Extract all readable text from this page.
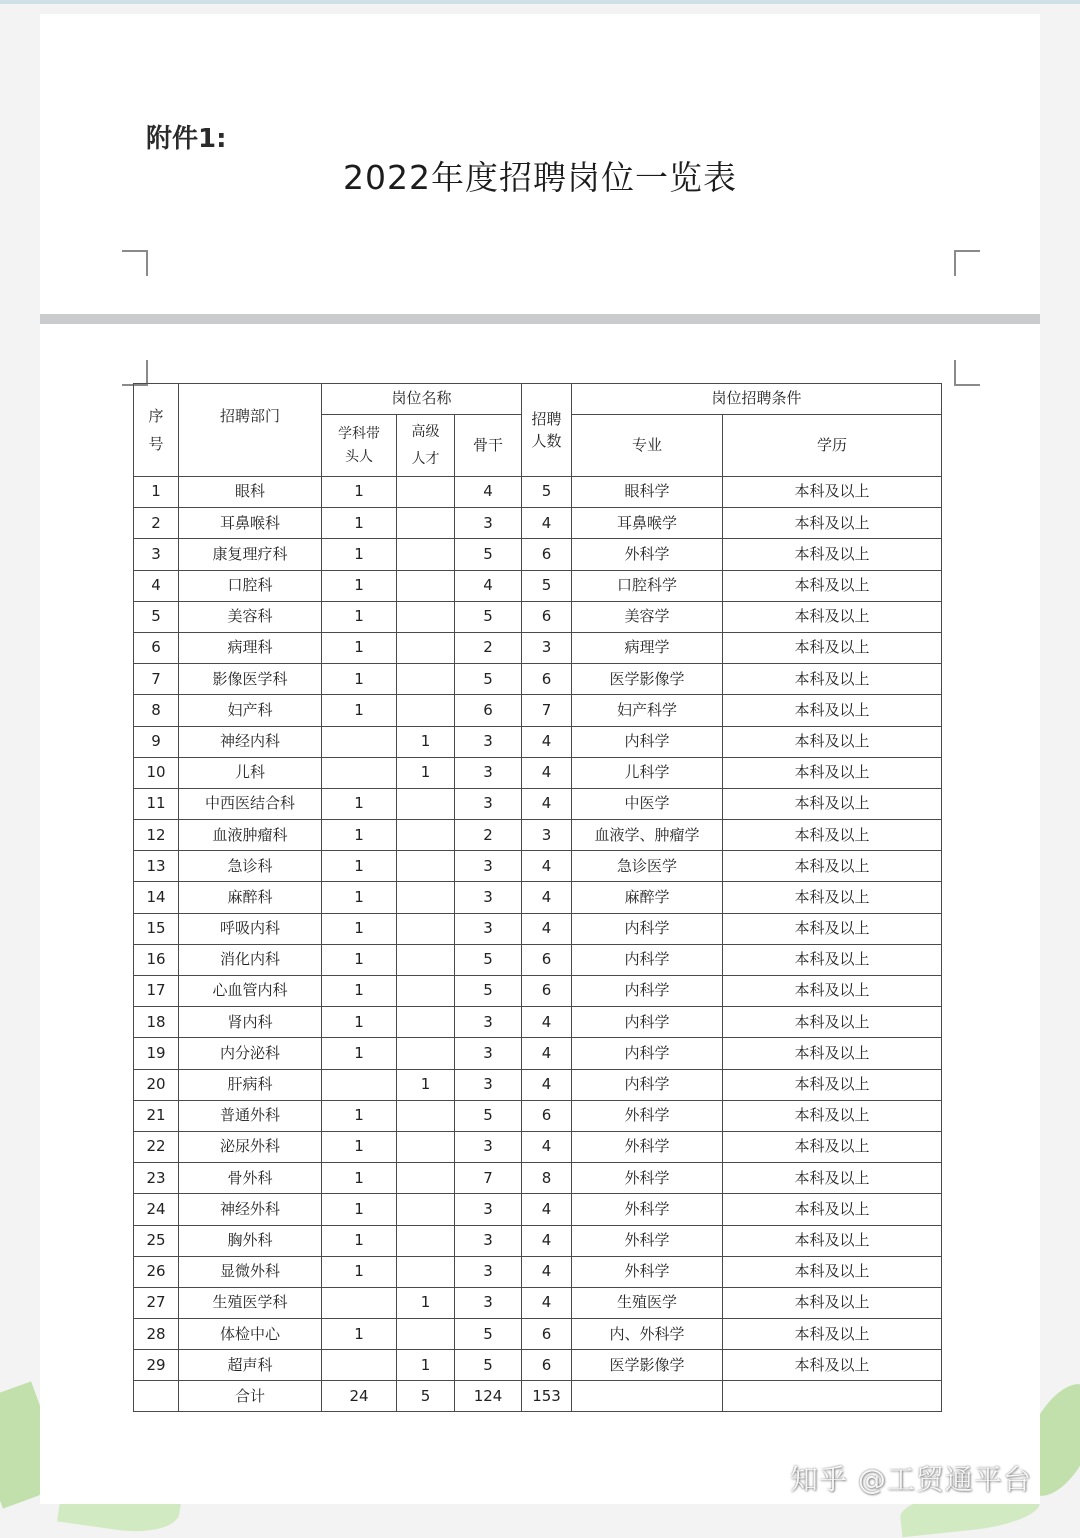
附件1:
2022年度招聘岗位一览表
序号	招聘部门	岗位名称			招聘人数	岗位招聘条件	
		学科带头人	高级人才	骨干		专业	学历
1	眼科	1		4	5	眼科学	本科及以上
2	耳鼻喉科	1		3	4	耳鼻喉学	本科及以上
3	康复理疗科	1		5	6	外科学	本科及以上
4	口腔科	1		4	5	口腔科学	本科及以上
5	美容科	1		5	6	美容学	本科及以上
6	病理科	1		2	3	病理学	本科及以上
7	影像医学科	1		5	6	医学影像学	本科及以上
8	妇产科	1		6	7	妇产科学	本科及以上
9	神经内科		1	3	4	内科学	本科及以上
10	儿科		1	3	4	儿科学	本科及以上
11	中西医结合科	1		3	4	中医学	本科及以上
12	血液肿瘤科	1		2	3	血液学、肿瘤学	本科及以上
13	急诊科	1		3	4	急诊医学	本科及以上
14	麻醉科	1		3	4	麻醉学	本科及以上
15	呼吸内科	1		3	4	内科学	本科及以上
16	消化内科	1		5	6	内科学	本科及以上
17	心血管内科	1		5	6	内科学	本科及以上
18	肾内科	1		3	4	内科学	本科及以上
19	内分泌科	1		3	4	内科学	本科及以上
20	肝病科		1	3	4	内科学	本科及以上
21	普通外科	1		5	6	外科学	本科及以上
22	泌尿外科	1		3	4	外科学	本科及以上
23	骨外科	1		7	8	外科学	本科及以上
24	神经外科	1		3	4	外科学	本科及以上
25	胸外科	1		3	4	外科学	本科及以上
26	显微外科	1		3	4	外科学	本科及以上
27	生殖医学科		1	3	4	生殖医学	本科及以上
28	体检中心	1		5	6	内、外科学	本科及以上
29	超声科		1	5	6	医学影像学	本科及以上
	合计	24	5	124	153		
知乎 @工贸通平台
